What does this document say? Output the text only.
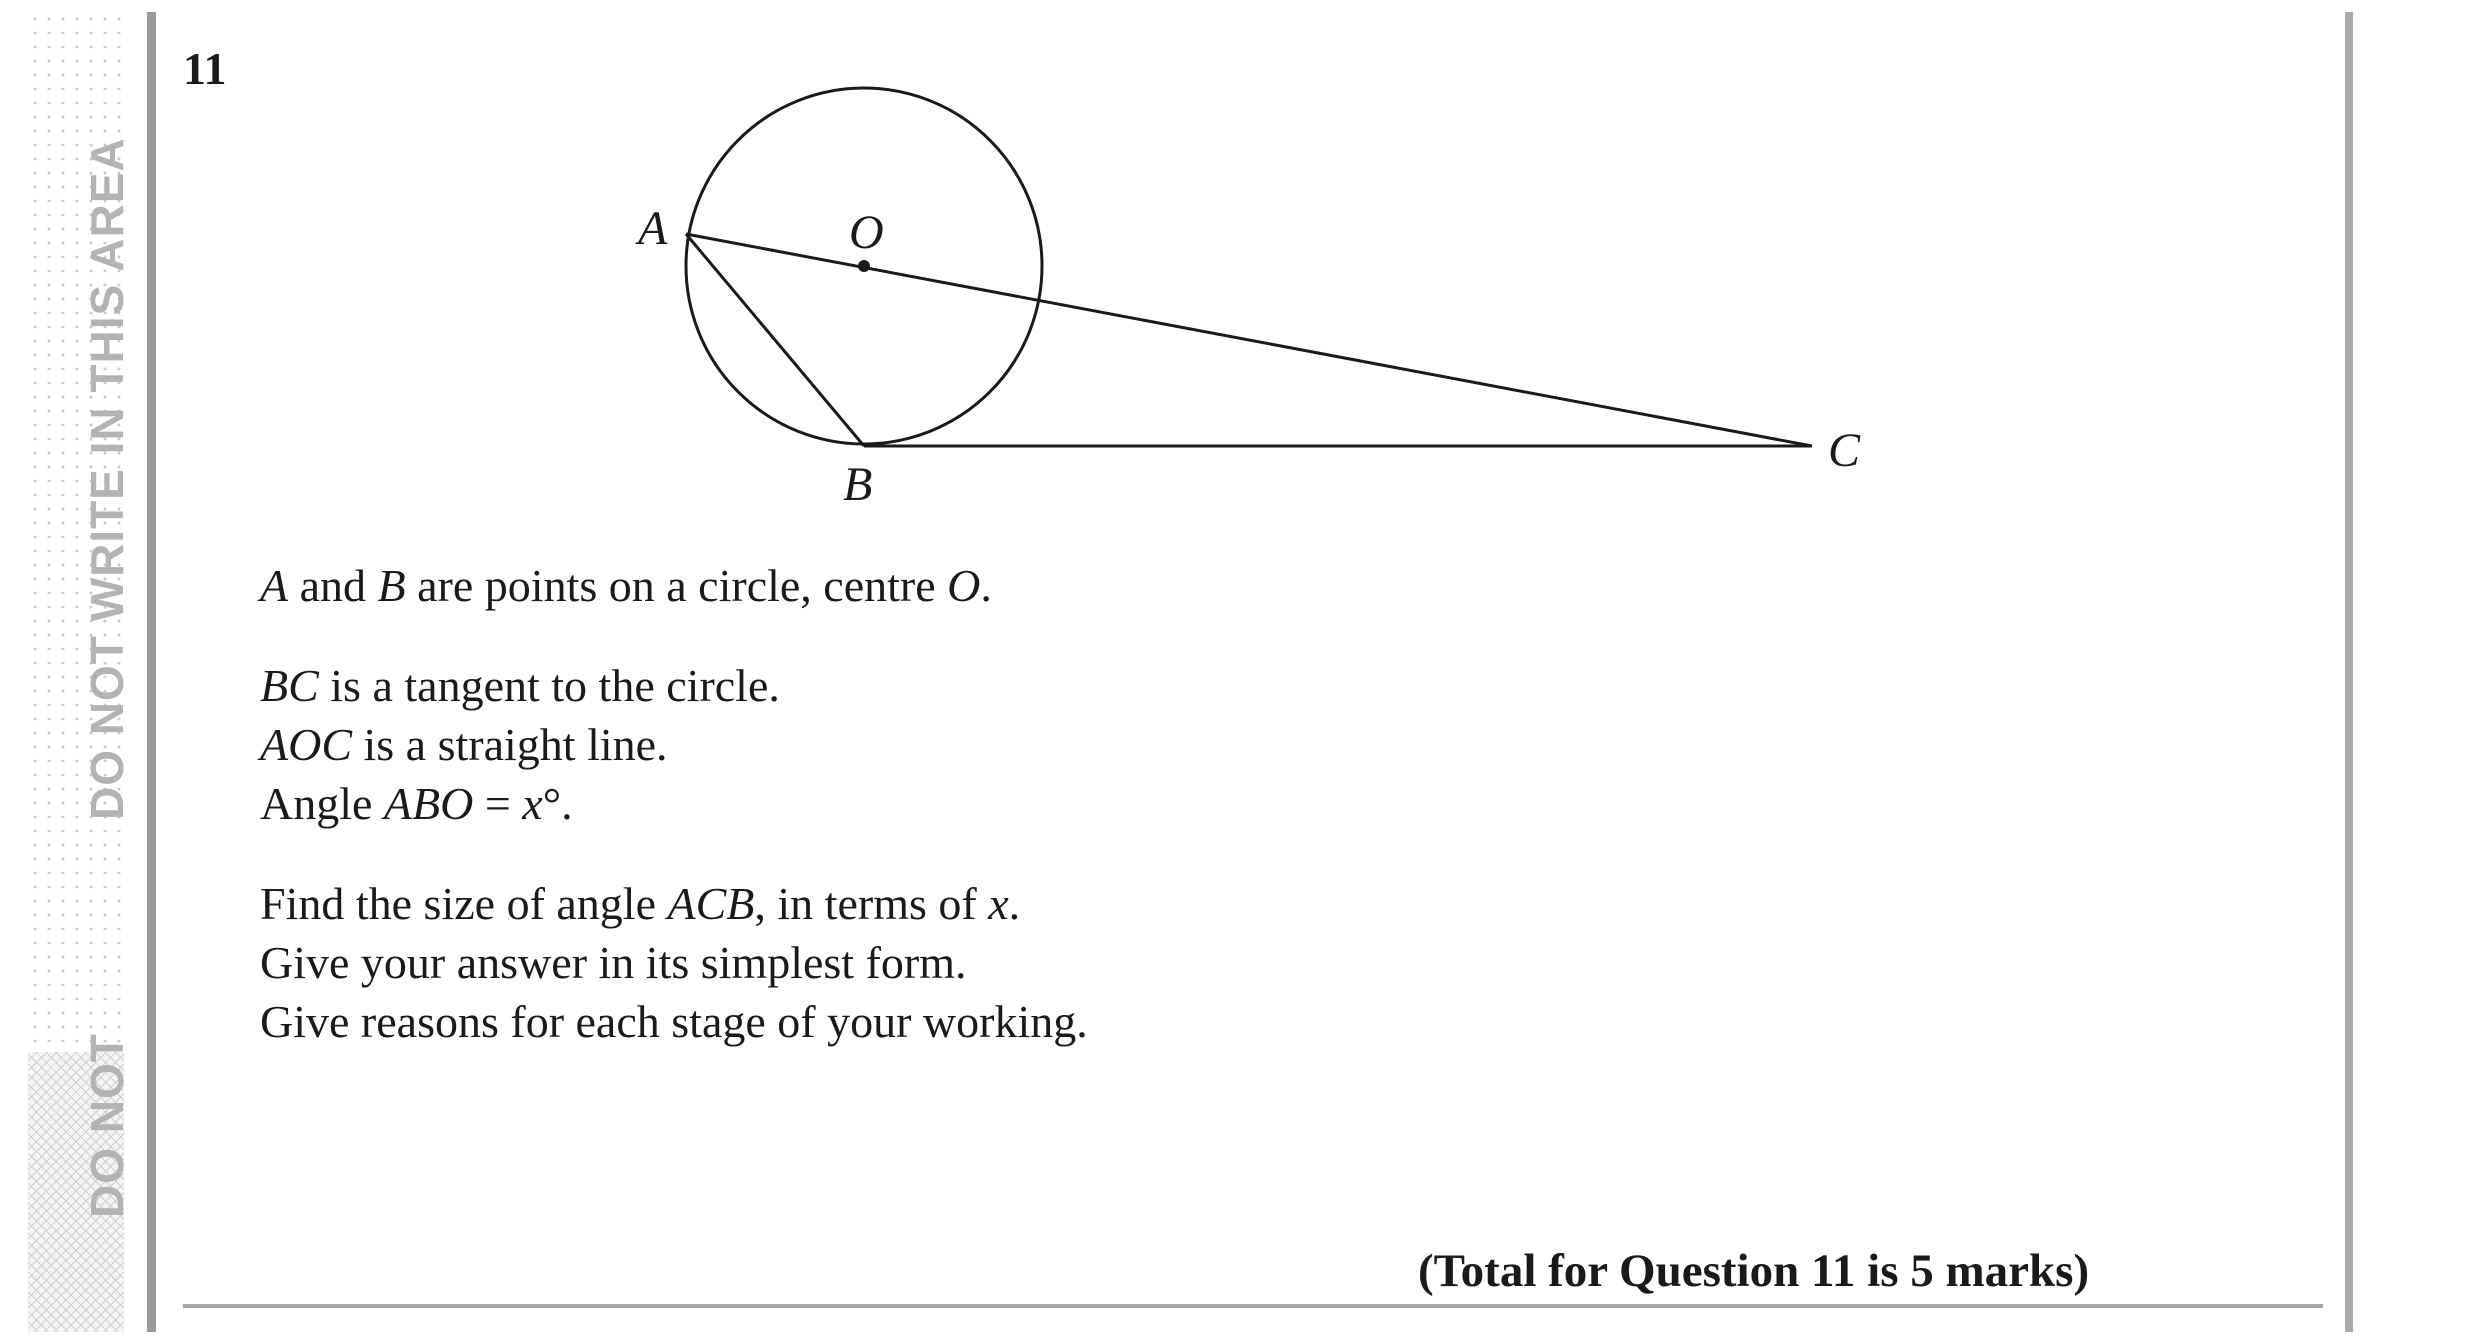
DO NOT WRITE IN THIS AREA
DO NOT
11
A	O
B
C

A and B are points on a circle, centre O.

BC is a tangent to the circle.

AOC is a straight line.

Angle ABO = x°.

Find the size of angle ACB, in terms of x.

Give your answer in its simplest form.

Give reasons for each stage of your working.

(Total for Question 11 is 5 marks)
